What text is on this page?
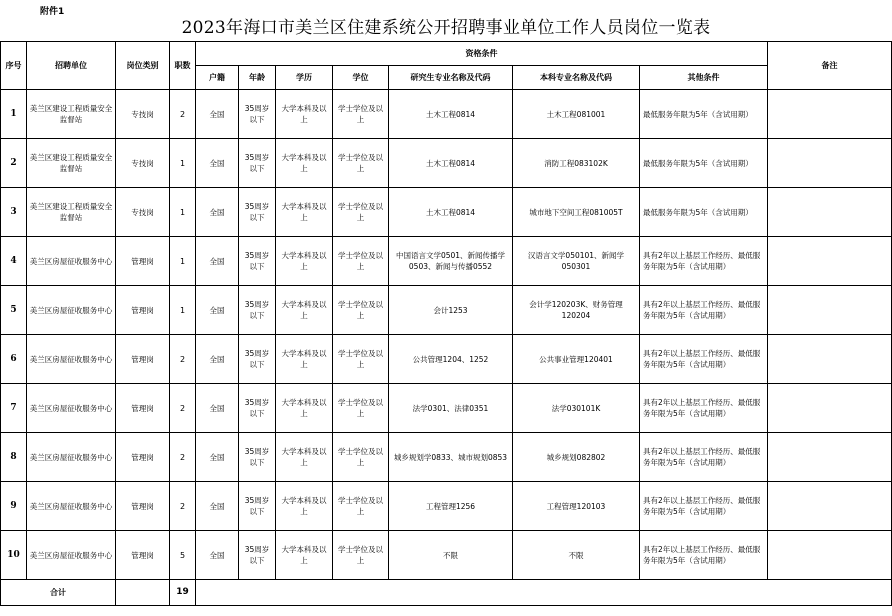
附件1
2023年海口市美兰区住建系统公开招聘事业单位工作人员岗位一览表
序号	招聘单位	岗位类别	职数	资格条件							备注
				户籍	年龄	学历	学位	研究生专业名称及代码	本科专业名称及代码	其他条件	
1	美兰区建设工程质量安全监督站	专技岗	2	全国	35周岁以下	大学本科及以上	学士学位及以上	土木工程0814	土木工程081001	最低服务年限为5年（含试用期）	
2	美兰区建设工程质量安全监督站	专技岗	1	全国	35周岁以下	大学本科及以上	学士学位及以上	土木工程0814	消防工程083102K	最低服务年限为5年（含试用期）	
3	美兰区建设工程质量安全监督站	专技岗	1	全国	35周岁以下	大学本科及以上	学士学位及以上	土木工程0814	城市地下空间工程081005T	最低服务年限为5年（含试用期）	
4	美兰区房屋征收服务中心	管理岗	1	全国	35周岁以下	大学本科及以上	学士学位及以上	中国语言文学0501、新闻传播学0503、新闻与传播0552	汉语言文学050101、新闻学050301	具有2年以上基层工作经历、最低服务年限为5年（含试用期）	
5	美兰区房屋征收服务中心	管理岗	1	全国	35周岁以下	大学本科及以上	学士学位及以上	会计1253	会计学120203K、财务管理120204	具有2年以上基层工作经历、最低服务年限为5年（含试用期）	
6	美兰区房屋征收服务中心	管理岗	2	全国	35周岁以下	大学本科及以上	学士学位及以上	公共管理1204、1252	公共事业管理120401	具有2年以上基层工作经历、最低服务年限为5年（含试用期）	
7	美兰区房屋征收服务中心	管理岗	2	全国	35周岁以下	大学本科及以上	学士学位及以上	法学0301、法律0351	法学030101K	具有2年以上基层工作经历、最低服务年限为5年（含试用期）	
8	美兰区房屋征收服务中心	管理岗	2	全国	35周岁以下	大学本科及以上	学士学位及以上	城乡规划学0833、城市规划0853	城乡规划082802	具有2年以上基层工作经历、最低服务年限为5年（含试用期）	
9	美兰区房屋征收服务中心	管理岗	2	全国	35周岁以下	大学本科及以上	学士学位及以上	工程管理1256	工程管理120103	具有2年以上基层工作经历、最低服务年限为5年（含试用期）	
10	美兰区房屋征收服务中心	管理岗	5	全国	35周岁以下	大学本科及以上	学士学位及以上	不限	不限	具有2年以上基层工作经历、最低服务年限为5年（含试用期）	
合计			19								
